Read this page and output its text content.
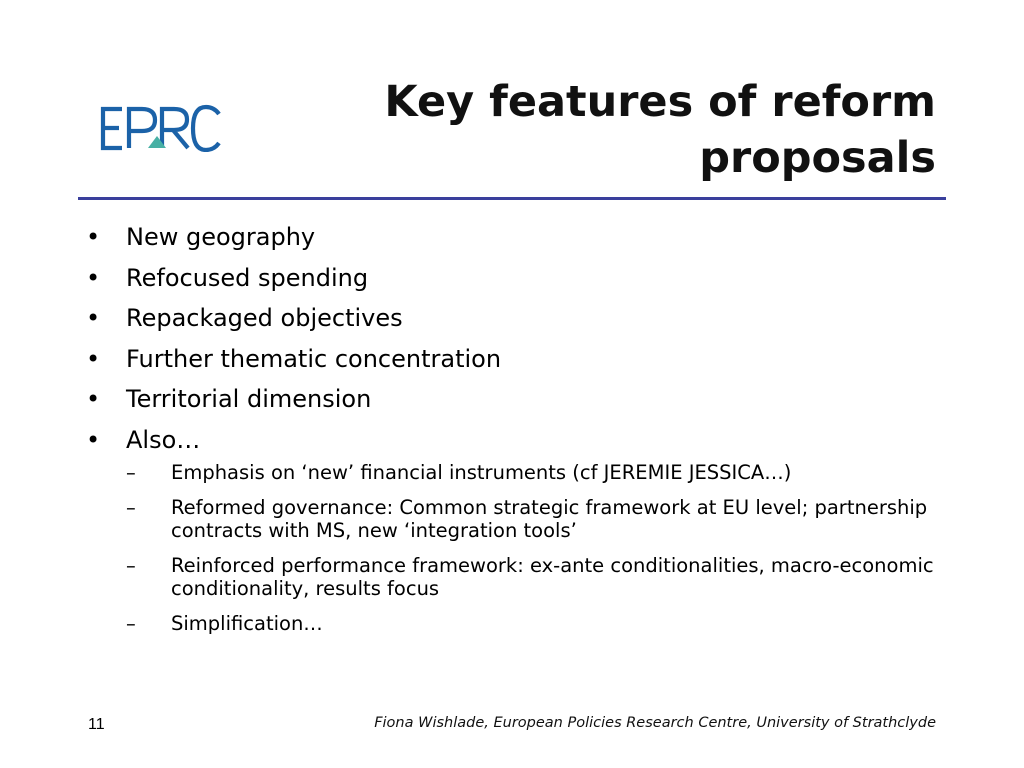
Key features of reform proposals
• New geography
• Refocused spending
• Repackaged objectives
• Further thematic concentration
• Territorial dimension
• Also…
–	Emphasis on ‘new’ financial instruments (cf JEREMIE JESSICA…)
–	Reformed governance: Common strategic framework at EU level; partnership contracts with MS, new ‘integration tools’
–	Reinforced performance framework: ex-ante conditionalities, macro-economic conditionality, results focus
–	Simplification…
11	Fiona Wishlade, European Policies Research Centre, University of Strathclyde
